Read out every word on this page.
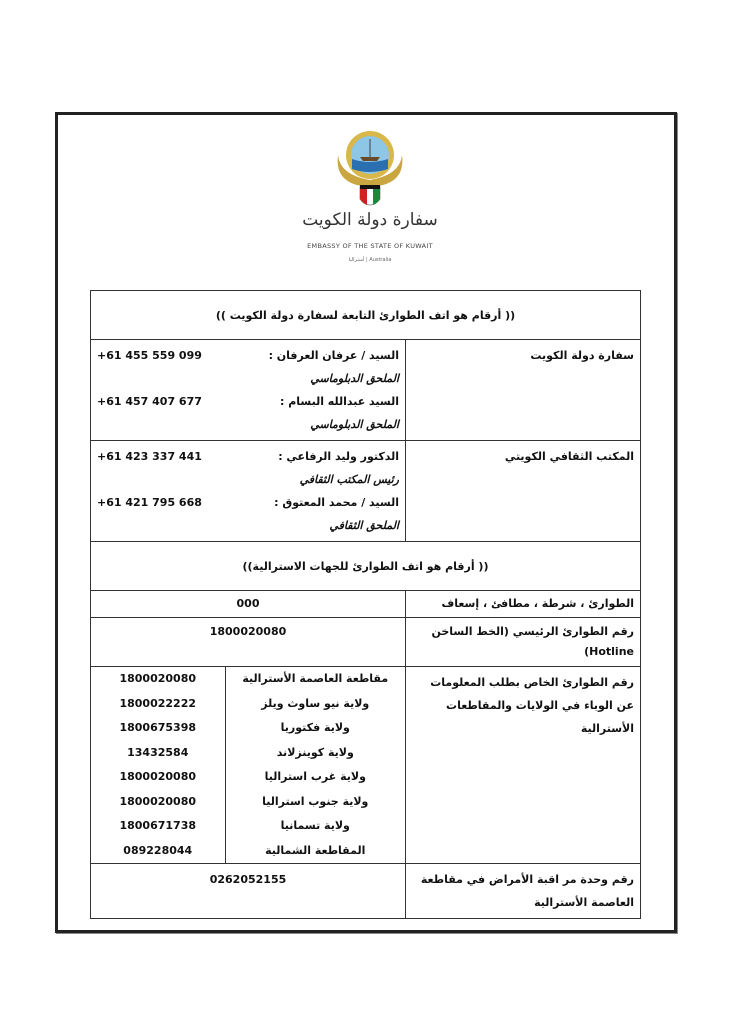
سفارة دولة الكويت
EMBASSY OF THE STATE OF KUWAIT
أستراليا | Australia
(( أرقام هو اتف الطوارئ التابعة لسفارة دولة الكويت ))
سفارة دولة الكويت	
السيد / عرفان العرفان :
+61 455 559 099
الملحق الدبلوماسي
السيد عبدالله البسام :
+61 457 407 677
الملحق الدبلوماسي

المكتب الثقافي الكويتي	
الدكتور وليد الرفاعي :
+61 423 337 441
رئيس المكتب الثقافي
السيد / محمد المعتوق :
+61 421 795 668
الملحق الثقافي

(( أرقام هو اتف الطوارئ للجهات الاسترالية))
الطوارئ ، شرطة ، مطافئ ، إسعاف	000
رقم الطوارئ الرئيسي (الخط الساخن Hotline)	1800020080
رقم الطوارئ الخاص بطلب المعلومات عن الوباء في الولايات والمقاطعات الأسترالية	
مقاطعة العاصمة الأسترالية	1800020080
ولاية نيو ساوث ويلز	1800022222
ولاية فكتوريا	1800675398
ولاية كوينزلاند	13432584
ولاية غرب استراليا	1800020080
ولاية جنوب استراليا	1800020080
ولاية تسمانيا	1800671738
المقاطعة الشمالية	089228044

رقم وحدة مر اقبة الأمراض في مقاطعة العاصمة الأسترالية	0262052155
